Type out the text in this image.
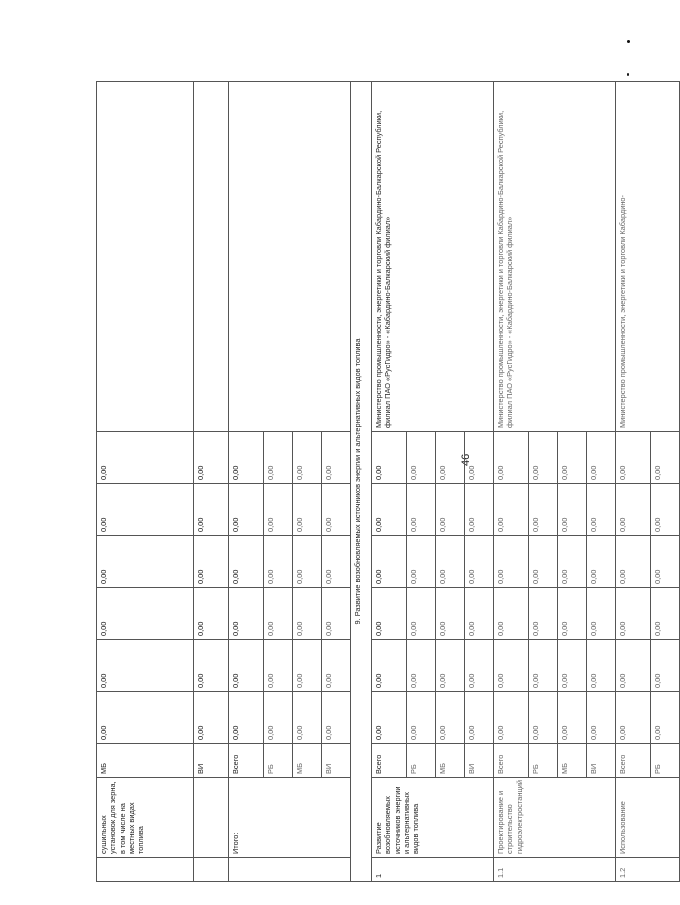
46
	сушильных установок для зерна, в том числе на местных видах топлива	МБ	0,00	0,00	0,00	0,00	0,00	0,00	

		ВИ	0,00	0,00	0,00	0,00	0,00	0,00	
	Итого:	Всего	0,00	0,00	0,00	0,00	0,00	0,00	
		РБ	0,00	0,00	0,00	0,00	0,00	0,00	
		МБ	0,00	0,00	0,00	0,00	0,00	0,00	
		ВИ	0,00	0,00	0,00	0,00	0,00	0,00	
9. Развитие возобновляемых источников энергии и альтернативных видов топлива									
1	Развитие возобновляемых источников энергии и альтернативных видов топлива	Всего	0,00	0,00	0,00	0,00	0,00	0,00	Министерство промышленности, энергетики и торговли Кабардино-Балкарской Республики, филиал ПАО «РусГидро» - «Кабардино-Балкарский филиал»
		РБ	0,00	0,00	0,00	0,00	0,00	0,00	
		МБ	0,00	0,00	0,00	0,00	0,00	0,00	
		ВИ	0,00	0,00	0,00	0,00	0,00	0,00	
1.1	Проектирование и строительство гидроэлектростанций	Всего	0,00	0,00	0,00	0,00	0,00	0,00	Министерство промышленности, энергетики и торговли Кабардино-Балкарской Республики, филиал ПАО «РусГидро» - «Кабардино-Балкарский филиал»
		РБ	0,00	0,00	0,00	0,00	0,00	0,00	
		МБ	0,00	0,00	0,00	0,00	0,00	0,00	
		ВИ	0,00	0,00	0,00	0,00	0,00	0,00	
1.2	Использование	Всего	0,00	0,00	0,00	0,00	0,00	0,00	Министерство промышленности, энергетики и торговли Кабардино-
		РБ	0,00	0,00	0,00	0,00	0,00	0,00	
